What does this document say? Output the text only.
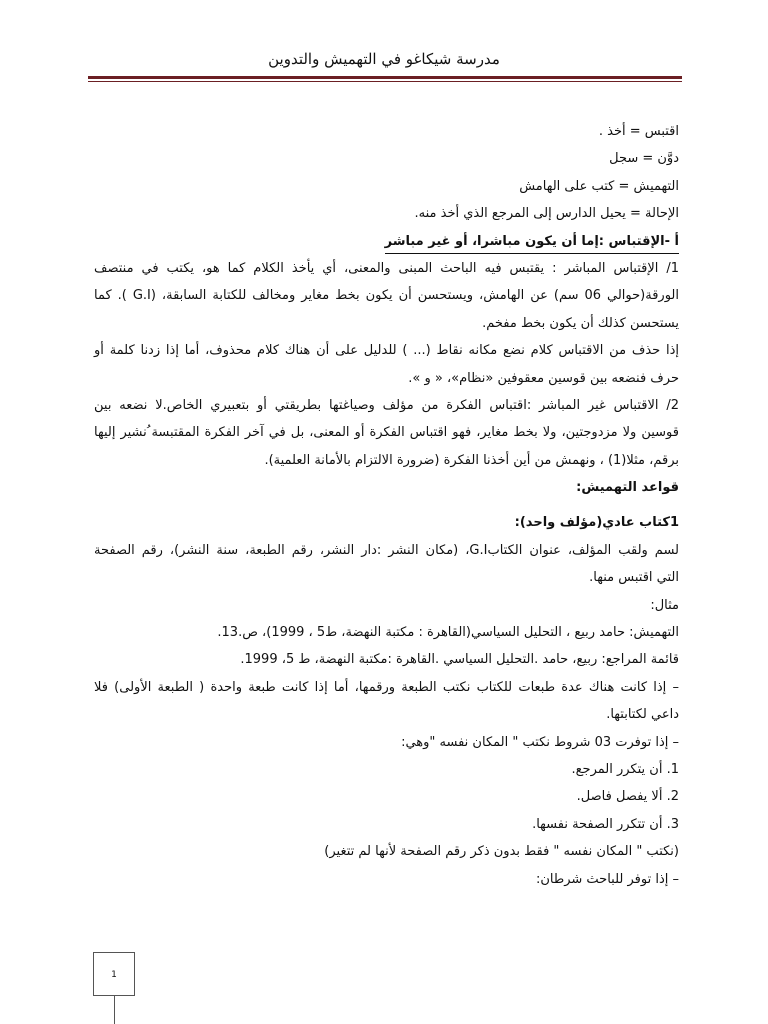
مدرسة شيكاغو في التهميش والتدوين
اقتبس = أخذ .
دوَّن = سجل
التهميش = كتب على الهامش
الإحالة = يحيل الدارس إلى المرجع الذي أخذ منه.
أ -الإقتباس :إما أن يكون مباشرا، أو غير مباشر
1/ الإقتباس المباشر : يقتبس فيه الباحث المبنى والمعنى، أي يأخذ الكلام كما هو، يكتب في منتصف
الورقة(حوالي 06 سم) عن الهامش، ويستحسن أن يكون بخط مغاير ومخالف للكتابة السابقة، (G.I ). كما
يستحسن كذلك أن يكون بخط مفخم.
إذا حذف من الاقتباس كلام نضع مكانه نقاط (... ) للدليل على أن هناك كلام محذوف، أما إذا زدنا كلمة أو
حرف فنضعه بين قوسين معقوفين «نظام»، « و ».
2/ الاقتباس غير المباشر :اقتباس الفكرة من مؤلف وصياغتها بطريقتي أو بتعبيري الخاص.لا نضعه بين
قوسين ولا مزدوجتين، ولا بخط مغاير، فهو اقتباس الفكرة أو المعنى، بل في آخر الفكرة المقتبسة ُنشير إليها
برقم، مثلا(1) ، ونهمش من أين أخذنا الفكرة (ضرورة الالتزام بالأمانة العلمية).
قواعد التهميش:
1كتاب عادي(مؤلف واحد):
لسم ولقب المؤلف، عنوان الكتابG.I، (مكان النشر :دار النشر، رقم الطبعة، سنة النشر)، رقم الصفحة
التي اقتبس منها.
مثال:
التهميش: حامد ربيع ، التحليل السياسي(القاهرة : مكتبة النهضة، ط5 ، 1999)، ص.13.
قائمة المراجع: ربيع، حامد .التحليل السياسي .القاهرة :مكتبة النهضة، ط 5، 1999.
– إذا كانت هناك عدة طبعات للكتاب نكتب الطبعة ورقمها، أما إذا كانت طبعة واحدة ( الطبعة الأولى) فلا
داعي لكتابتها.
– إذا توفرت 03 شروط نكتب " المكان نفسه "وهي:
1. أن يتكرر المرجع.
2. ألا يفصل فاصل.
3. أن تتكرر الصفحة نفسها.
(نكتب " المكان نفسه " فقط بدون ذكر رقم الصفحة لأنها لم تتغير)
– إذا توفر للباحث شرطان:
1
